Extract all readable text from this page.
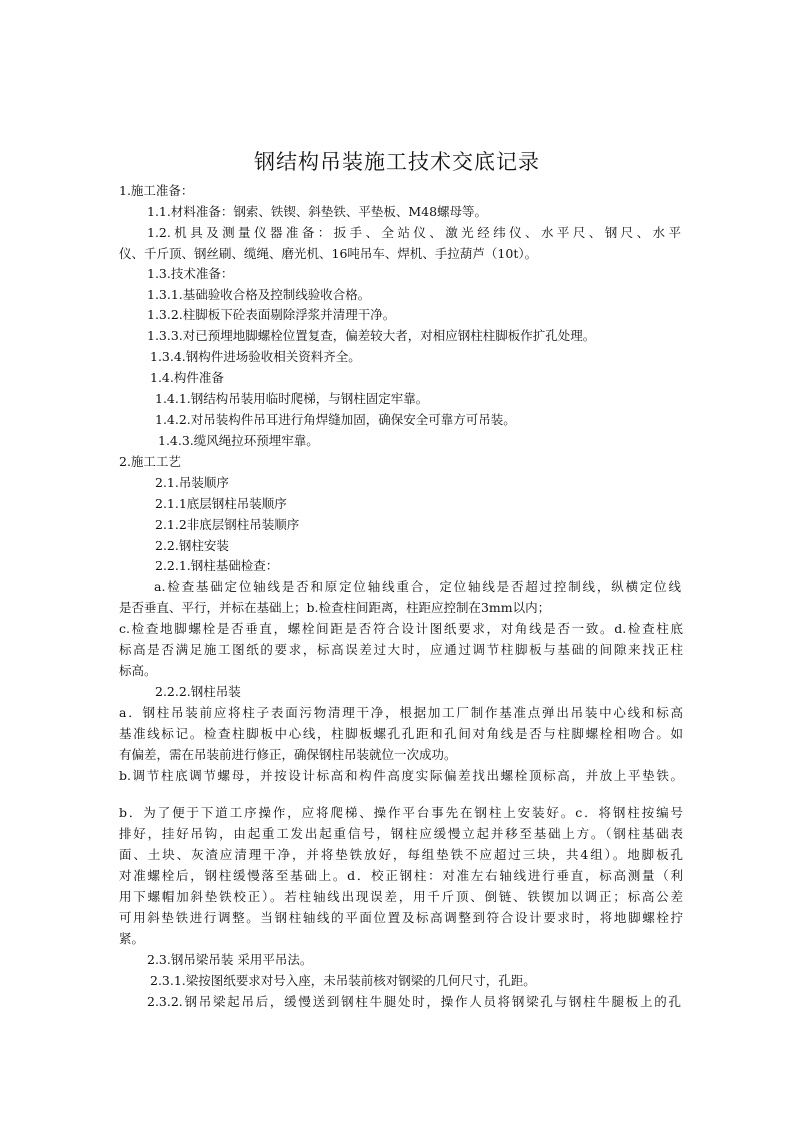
钢结构吊装施工技术交底记录
1.施工准备：
1.1.材料准备：钢索、铁锲、斜垫铁、平垫板、M48螺母等。
1.2.机具及测量仪器准备：扳手、全站仪、激光经纬仪、水平尺、钢尺、水平
仪、千斤顶、钢丝刷、缆绳、磨光机、16吨吊车、焊机、手拉葫芦（10t）。
1.3.技术准备：
1.3.1.基础验收合格及控制线验收合格。
1.3.2.柱脚板下砼表面剔除浮浆并清理干净。
1.3.3.对已预埋地脚螺栓位置复查，偏差较大者，对相应钢柱柱脚板作扩孔处理。
1.3.4.钢构件进场验收相关资料齐全。
1.4.构件准备
1.4.1.钢结构吊装用临时爬梯，与钢柱固定牢靠。
1.4.2.对吊装构件吊耳进行角焊缝加固，确保安全可靠方可吊装。
1.4.3.缆风绳拉环预埋牢靠。
2.施工工艺
2.1.吊装顺序
2.1.1底层钢柱吊装顺序
2.1.2非底层钢柱吊装顺序
2.2.钢柱安装
2.2.1.钢柱基础检查：
a.检查基础定位轴线是否和原定位轴线重合，定位轴线是否超过控制线，纵横定位线
是否垂直、平行，并标在基础上；b.检查柱间距离，柱距应控制在3mm以内；
c.检查地脚螺栓是否垂直，螺栓间距是否符合设计图纸要求，对角线是否一致。d.检查柱底
标高是否满足施工图纸的要求，标高误差过大时，应通过调节柱脚板与基础的间隙来找正柱
标高。
2.2.2.钢柱吊装
a．钢柱吊装前应将柱子表面污物清理干净，根据加工厂制作基准点弹出吊装中心线和标高
基准线标记。检查柱脚板中心线，柱脚板螺孔孔距和孔间对角线是否与柱脚螺栓相吻合。如
有偏差，需在吊装前进行修正，确保钢柱吊装就位一次成功。
b.调节柱底调节螺母，并按设计标高和构件高度实际偏差找出螺栓顶标高，并放上平垫铁。
b．为了便于下道工序操作，应将爬梯、操作平台事先在钢柱上安装好。c．将钢柱按编号
排好，挂好吊钩，由起重工发出起重信号，钢柱应缓慢立起并移至基础上方。（钢柱基础表
面、土块、灰渣应清理干净，并将垫铁放好，每组垫铁不应超过三块，共4组）。地脚板孔
对准螺栓后，钢柱缓慢落至基础上。d．校正钢柱：对准左右轴线进行垂直，标高测量（利
用下螺帽加斜垫铁校正）。若柱轴线出现误差，用千斤顶、倒链、铁锲加以调正；标高公差
可用斜垫铁进行调整。当钢柱轴线的平面位置及标高调整到符合设计要求时，将地脚螺栓拧
紧。
2.3.钢吊梁吊装 采用平吊法。
2.3.1.梁按图纸要求对号入座，未吊装前核对钢梁的几何尺寸，孔距。
2.3.2.钢吊梁起吊后，缓慢送到钢柱牛腿处时，操作人员将钢梁孔与钢柱牛腿板上的孔
